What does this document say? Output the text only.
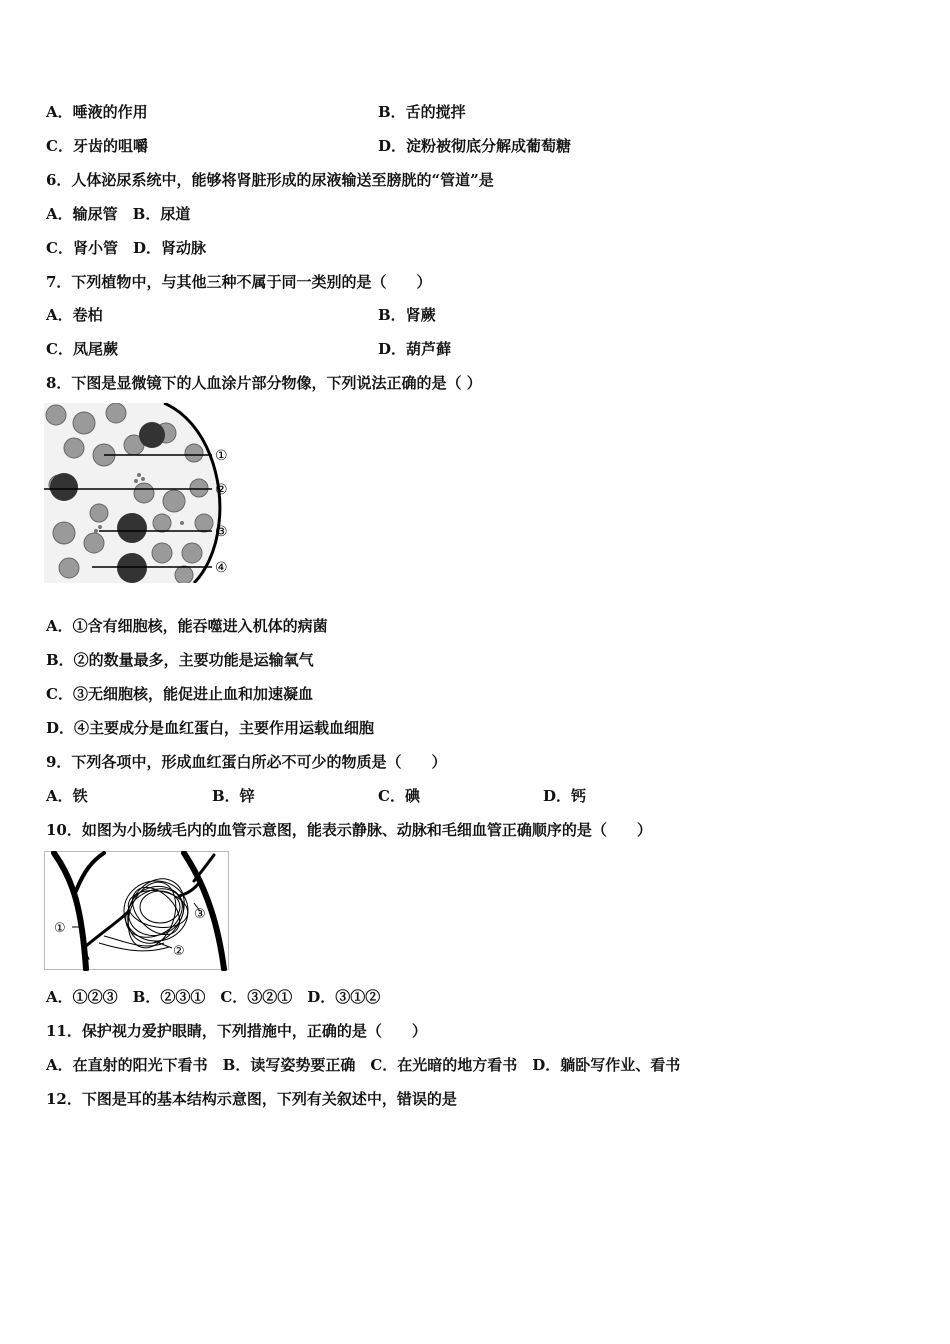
A．唾液的作用	B．舌的搅拌
C．牙齿的咀嚼	D．淀粉被彻底分解成葡萄糖
6．人体泌尿系统中，能够将肾脏形成的尿液输送至膀胱的“管道”是
A．输尿管　B．尿道
C．肾小管　D．肾动脉
7．下列植物中，与其他三种不属于同一类别的是（　　）
A．卷柏	B．肾蕨
C．凤尾蕨	D．葫芦藓
8．下图是显微镜下的人血涂片部分物像，下列说法正确的是（ ）
①
②
③
④
A．①含有细胞核，能吞噬进入机体的病菌
B．②的数量最多，主要功能是运输氧气
C．③无细胞核，能促进止血和加速凝血
D．④主要成分是血红蛋白，主要作用运载血细胞
9．下列各项中，形成血红蛋白所必不可少的物质是（　　）
A．铁	B．锌	C．碘	D．钙
10．如图为小肠绒毛内的血管示意图，能表示静脉、动脉和毛细血管正确顺序的是（　　）
①
②
③
A．①②③　B．②③①　C．③②①　D．③①②
11．保护视力爱护眼睛，下列措施中，正确的是（　　）
A．在直射的阳光下看书　B．读写姿势要正确　C．在光暗的地方看书　D．躺卧写作业、看书
12．下图是耳的基本结构示意图，下列有关叙述中，错误的是
